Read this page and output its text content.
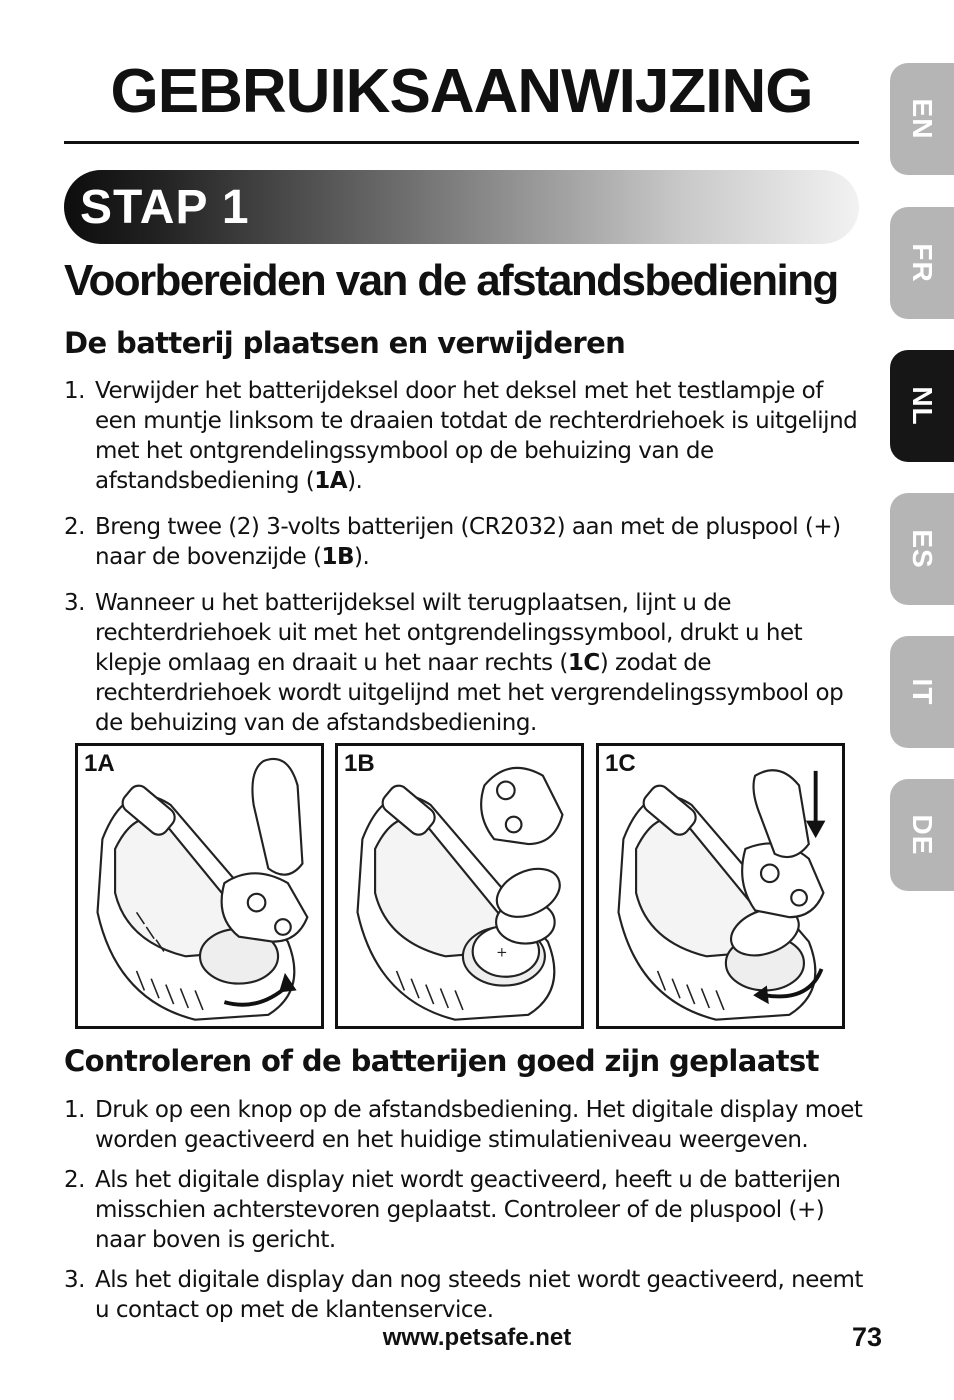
GEBRUIKSAANWIJZING
STAP 1
Voorbereiden van de afstandsbediening
De batterij plaatsen en verwijderen
1. Verwijder het batterijdeksel door het deksel met het testlampje of een muntje linksom te draaien totdat de rechterdriehoek is uitgelijnd met het ontgrendelingssymbool op de behuizing van de afstandsbediening (1A).
2. Breng twee (2) 3-volts batterijen (CR2032) aan met de pluspool (+) naar de bovenzijde (1B).
3. Wanneer u het batterijdeksel wilt terugplaatsen, lijnt u de rechterdriehoek uit met het ontgrendelingssymbool, drukt u het klepje omlaag en draait u het naar rechts (1C) zodat de rechterdriehoek wordt uitgelijnd met het vergrendelingssymbool op de behuizing van de afstandsbediening.
1A	1B
+
1C
Controleren of de batterijen goed zijn geplaatst
1. Druk op een knop op de afstandsbediening. Het digitale display moet worden geactiveerd en het huidige stimulatieniveau weergeven.
2. Als het digitale display niet wordt geactiveerd, heeft u de batterijen misschien achterstevoren geplaatst. Controleer of de pluspool (+) naar boven is gericht.
3. Als het digitale display dan nog steeds niet wordt geactiveerd, neemt u contact op met de klantenservice.
EN
FR
NL
ES
IT
DE
www.petsafe.net	73
